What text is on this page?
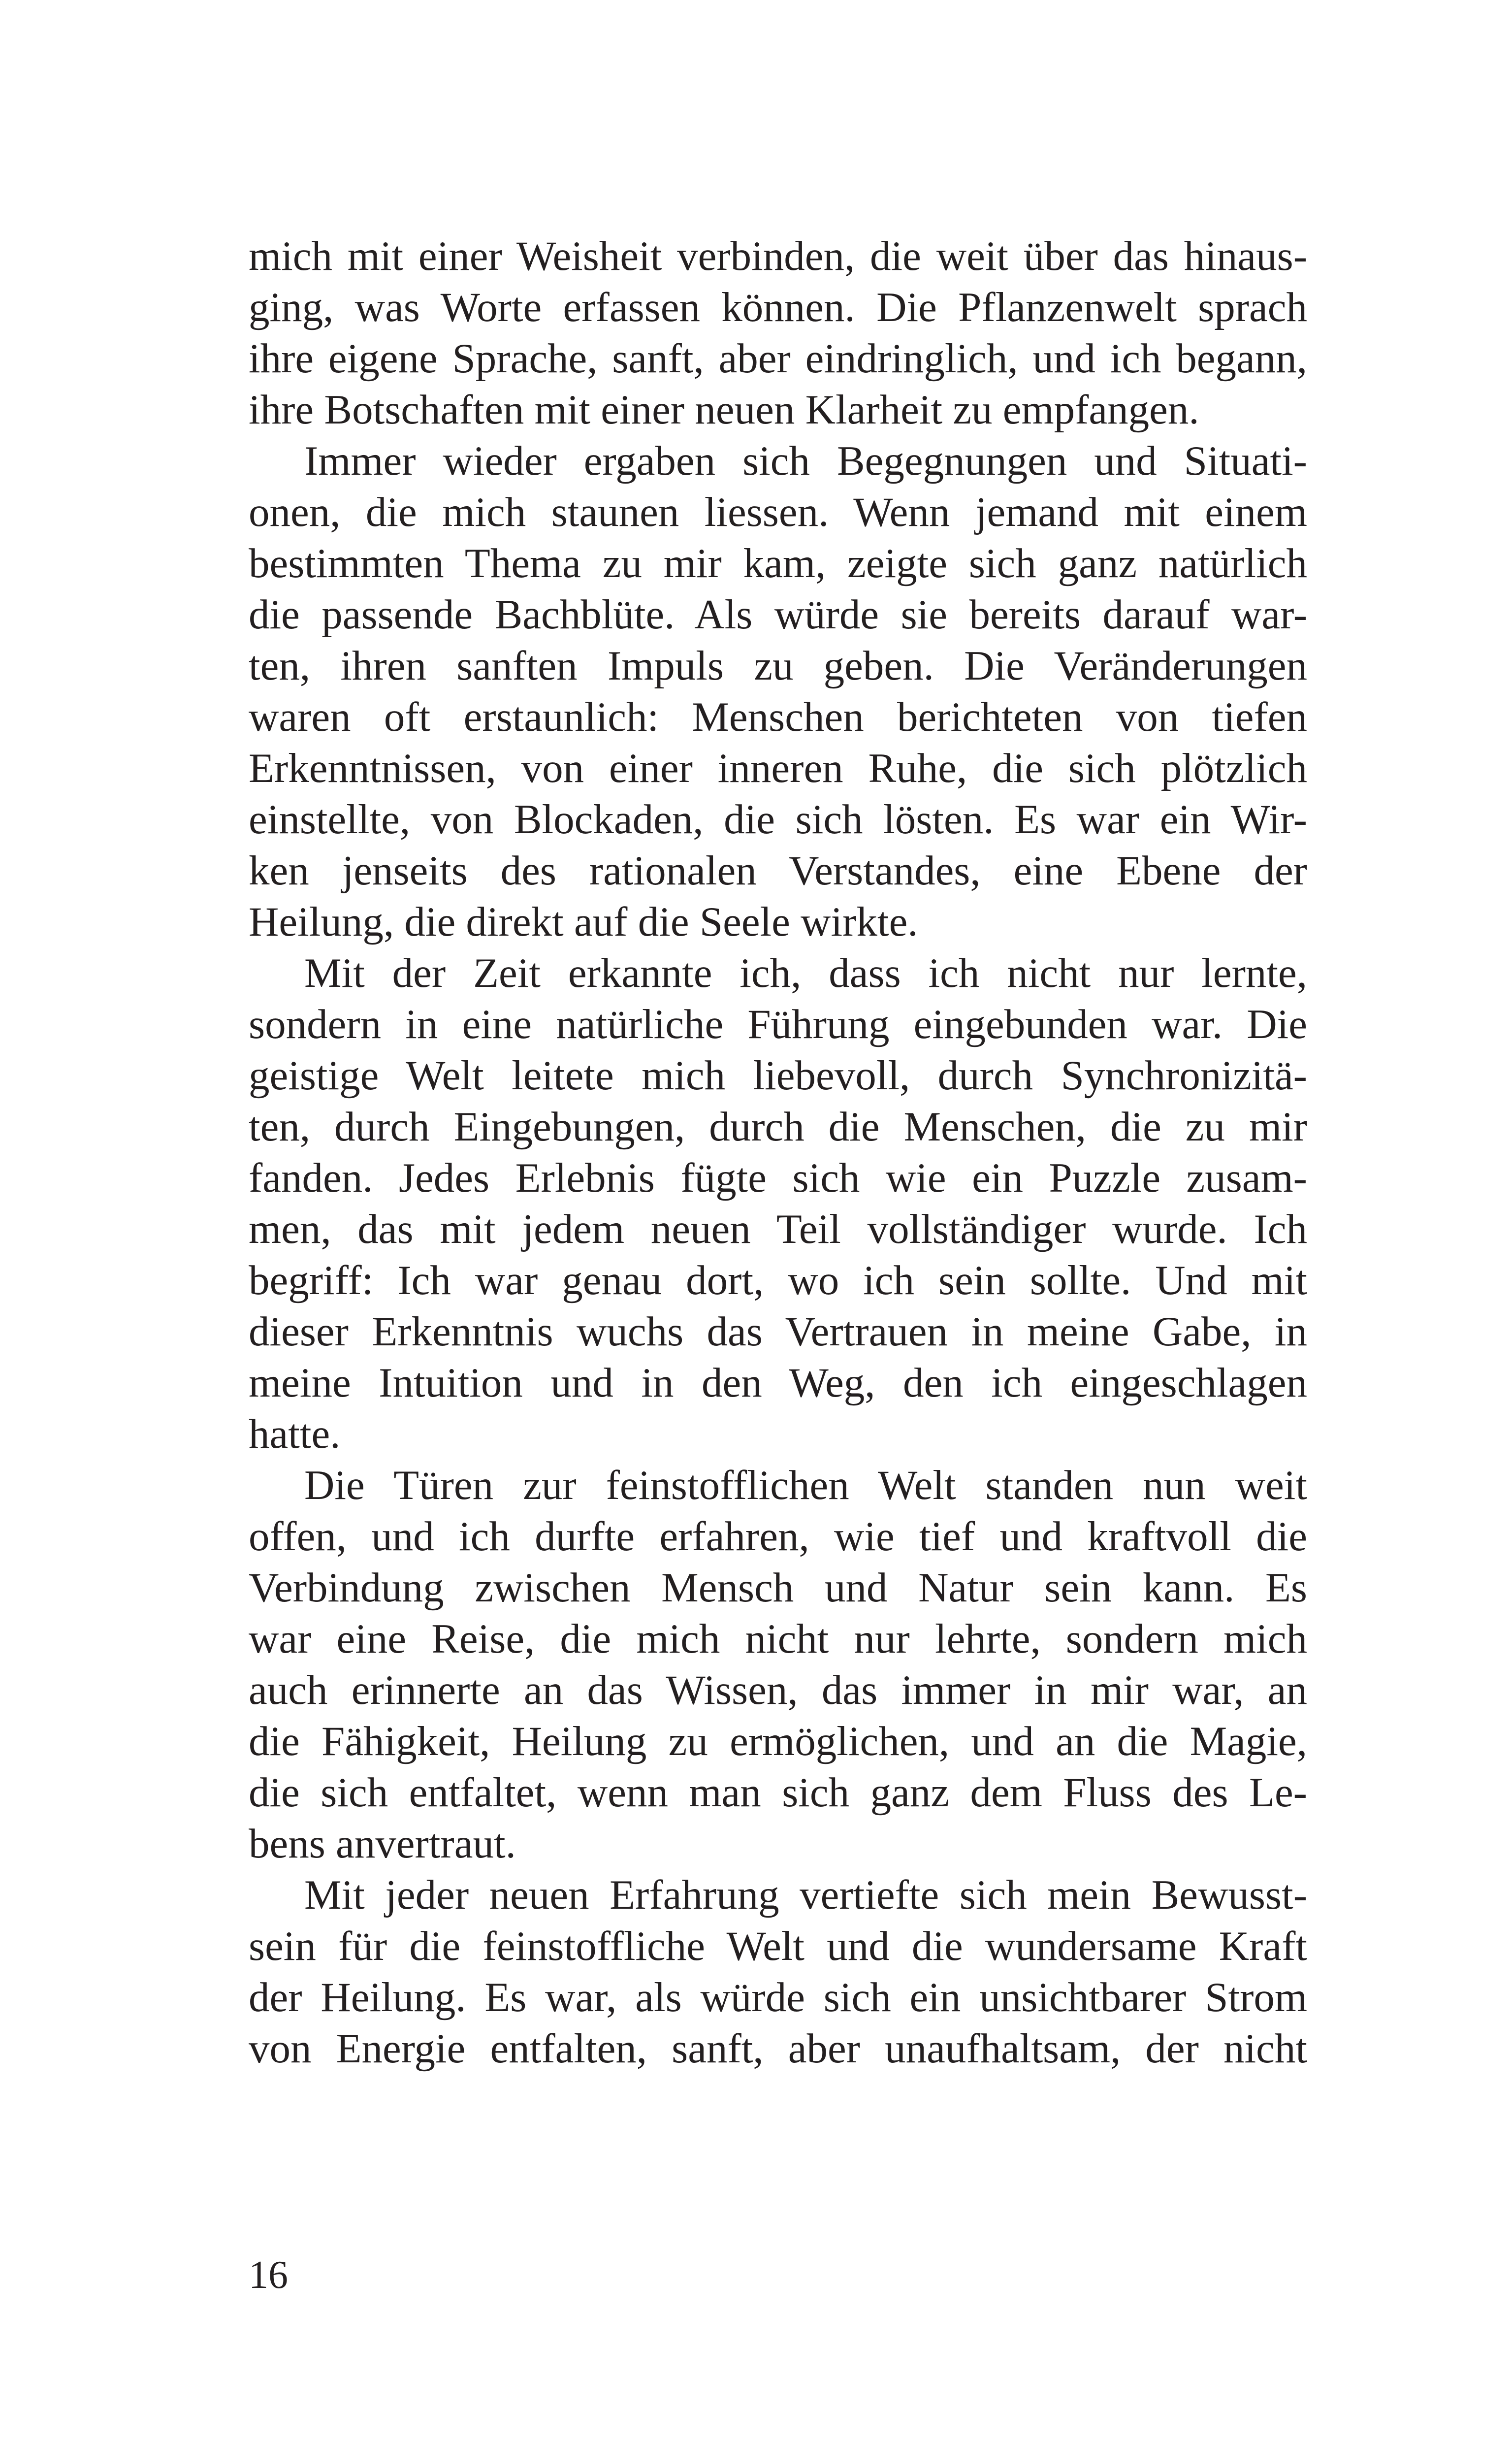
mich mit einer Weisheit verbinden, die weit über das hinaus-
ging, was Worte erfassen können. Die Pflanzenwelt sprach
ihre eigene Sprache, sanft, aber eindringlich, und ich begann,
ihre Botschaften mit einer neuen Klarheit zu empfangen.
Immer wieder ergaben sich Begegnungen und Situati-
onen, die mich staunen liessen. Wenn jemand mit einem
bestimmten Thema zu mir kam, zeigte sich ganz natürlich
die passende Bachblüte. Als würde sie bereits darauf war-
ten, ihren sanften Impuls zu geben. Die Veränderungen
waren oft erstaunlich: Menschen berichteten von tiefen
Erkenntnissen, von einer inneren Ruhe, die sich plötzlich
einstellte, von Blockaden, die sich lösten. Es war ein Wir-
ken jenseits des rationalen Verstandes, eine Ebene der
Heilung, die direkt auf die Seele wirkte.
Mit der Zeit erkannte ich, dass ich nicht nur lernte,
sondern in eine natürliche Führung eingebunden war. Die
geistige Welt leitete mich liebevoll, durch Synchronizitä-
ten, durch Eingebungen, durch die Menschen, die zu mir
fanden. Jedes Erlebnis fügte sich wie ein Puzzle zusam-
men, das mit jedem neuen Teil vollständiger wurde. Ich
begriff: Ich war genau dort, wo ich sein sollte. Und mit
dieser Erkenntnis wuchs das Vertrauen in meine Gabe, in
meine Intuition und in den Weg, den ich eingeschlagen
hatte.
Die Türen zur feinstofflichen Welt standen nun weit
offen, und ich durfte erfahren, wie tief und kraftvoll die
Verbindung zwischen Mensch und Natur sein kann. Es
war eine Reise, die mich nicht nur lehrte, sondern mich
auch erinnerte an das Wissen, das immer in mir war, an
die Fähigkeit, Heilung zu ermöglichen, und an die Magie,
die sich entfaltet, wenn man sich ganz dem Fluss des Le-
bens anvertraut.
Mit jeder neuen Erfahrung vertiefte sich mein Bewusst-
sein für die feinstoffliche Welt und die wundersame Kraft
der Heilung. Es war, als würde sich ein unsichtbarer Strom
von Energie entfalten, sanft, aber unaufhaltsam, der nicht
16
